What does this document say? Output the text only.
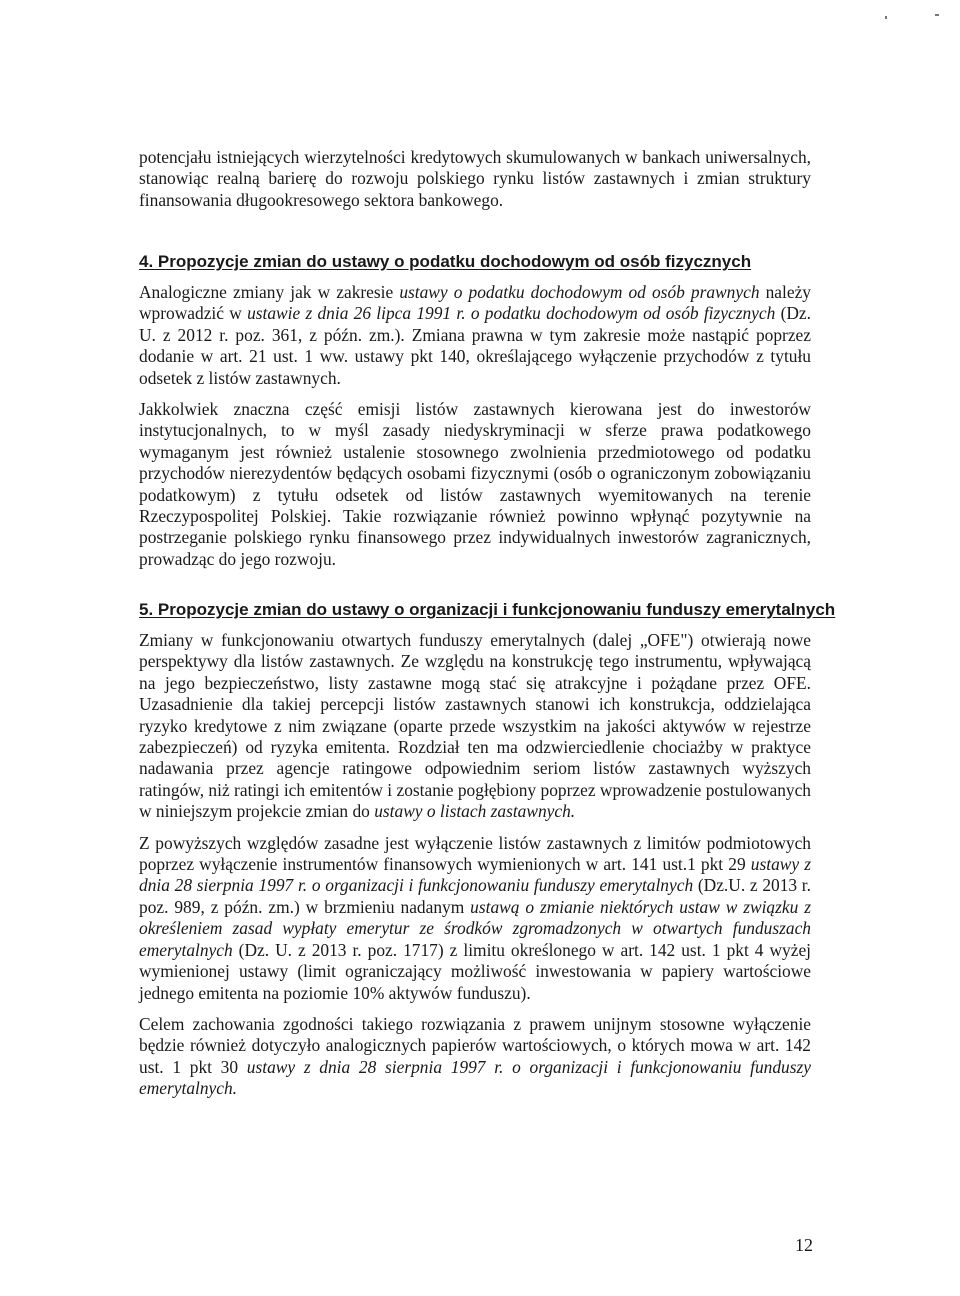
potencjału istniejących wierzytelności kredytowych skumulowanych w bankach uniwersalnych, stanowiąc realną barierę do rozwoju polskiego rynku listów zastawnych i zmian struktury finansowania długookresowego sektora bankowego.

4. Propozycje zmian do ustawy o podatku dochodowym od osób fizycznych

Analogiczne zmiany jak w zakresie ustawy o podatku dochodowym od osób prawnych należy wprowadzić w ustawie z dnia 26 lipca 1991 r. o podatku dochodowym od osób fizycznych (Dz. U. z 2012 r. poz. 361, z późn. zm.). Zmiana prawna w tym zakresie może nastąpić poprzez dodanie w art. 21 ust. 1 ww. ustawy pkt 140, określającego wyłączenie przychodów z tytułu odsetek z listów zastawnych.

Jakkolwiek znaczna część emisji listów zastawnych kierowana jest do inwestorów instytucjonalnych, to w myśl zasady niedyskryminacji w sferze prawa podatkowego wymaganym jest również ustalenie stosownego zwolnienia przedmiotowego od podatku przychodów nierezydentów będących osobami fizycznymi (osób o ograniczonym zobowiązaniu podatkowym) z tytułu odsetek od listów zastawnych wyemitowanych na terenie Rzeczypospolitej Polskiej. Takie rozwiązanie również powinno wpłynąć pozytywnie na postrzeganie polskiego rynku finansowego przez indywidualnych inwestorów zagranicznych, prowadząc do jego rozwoju.

5. Propozycje zmian do ustawy o organizacji i funkcjonowaniu funduszy emerytalnych

Zmiany w funkcjonowaniu otwartych funduszy emerytalnych (dalej „OFE") otwierają nowe perspektywy dla listów zastawnych. Ze względu na konstrukcję tego instrumentu, wpływającą na jego bezpieczeństwo, listy zastawne mogą stać się atrakcyjne i pożądane przez OFE. Uzasadnienie dla takiej percepcji listów zastawnych stanowi ich konstrukcja, oddzielająca ryzyko kredytowe z nim związane (oparte przede wszystkim na jakości aktywów w rejestrze zabezpieczeń) od ryzyka emitenta. Rozdział ten ma odzwierciedlenie chociażby w praktyce nadawania przez agencje ratingowe odpowiednim seriom listów zastawnych wyższych ratingów, niż ratingi ich emitentów i zostanie pogłębiony poprzez wprowadzenie postulowanych w niniejszym projekcie zmian do ustawy o listach zastawnych.

Z powyższych względów zasadne jest wyłączenie listów zastawnych z limitów podmiotowych poprzez wyłączenie instrumentów finansowych wymienionych w art. 141 ust.1 pkt 29 ustawy z dnia 28 sierpnia 1997 r. o organizacji i funkcjonowaniu funduszy emerytalnych (Dz.U. z 2013 r. poz. 989, z późn. zm.) w brzmieniu nadanym ustawą o zmianie niektórych ustaw w związku z określeniem zasad wypłaty emerytur ze środków zgromadzonych w otwartych funduszach emerytalnych (Dz. U. z 2013 r. poz. 1717) z limitu określonego w art. 142 ust. 1 pkt 4 wyżej wymienionej ustawy (limit ograniczający możliwość inwestowania w papiery wartościowe jednego emitenta na poziomie 10% aktywów funduszu).

Celem zachowania zgodności takiego rozwiązania z prawem unijnym stosowne wyłączenie będzie również dotyczyło analogicznych papierów wartościowych, o których mowa w art. 142 ust. 1 pkt 30 ustawy z dnia 28 sierpnia 1997 r. o organizacji i funkcjonowaniu funduszy emerytalnych.

12
